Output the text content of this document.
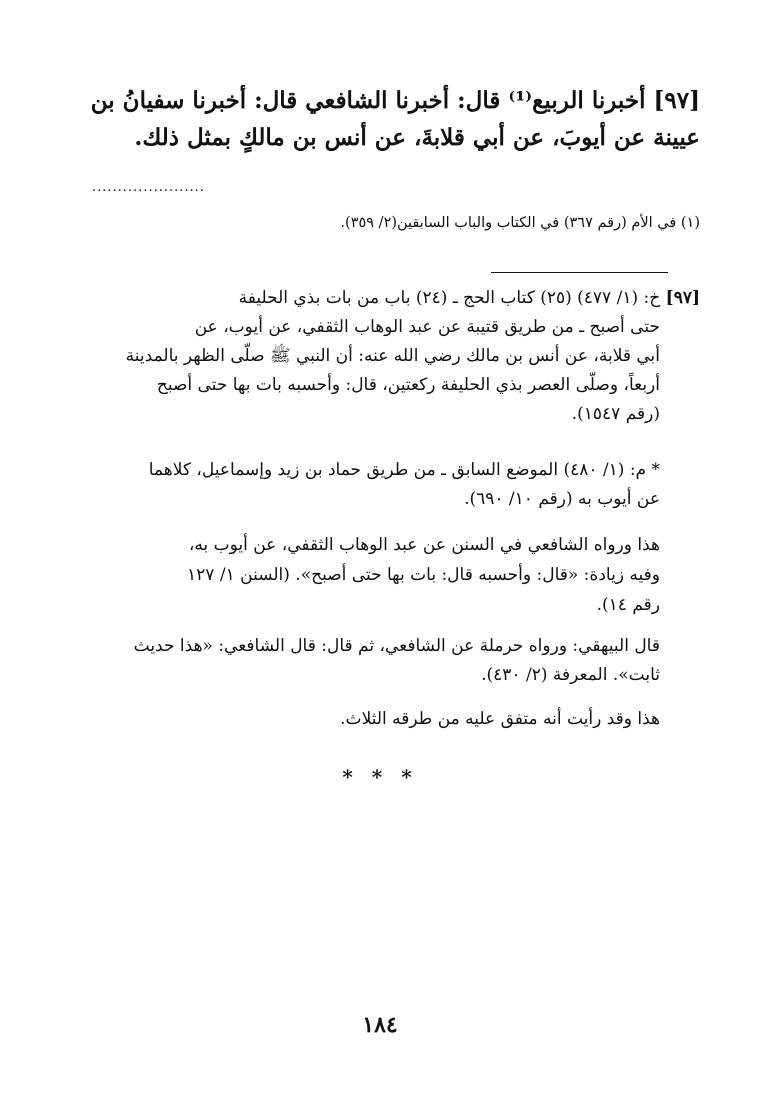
[٩٧] أخبرنا الربيع⁽¹⁾ قال: أخبرنا الشافعي قال: أخبرنا سفيانُ بن
عيينة عن أيوبَ، عن أبي قلابةَ، عن أنس بن مالكٍ بمثل ذلك.
......................
(١) في الأم (رقم ٣٦٧) في الكتاب والباب السابقين(٢/ ٣٥٩).
[٩٧] خ: (١/ ٤٧٧) (٢٥) كتاب الحج ـ (٢٤) باب من بات بذي الحليفة
حتى أصبح ـ من طريق قتيبة عن عبد الوهاب الثقفي، عن أيوب، عن
أبي قلابة، عن أنس بن مالك رضي الله عنه: أن النبي ﷺ صلّى الظهر بالمدينة
أربعاً، وصلّى العصر بذي الحليفة ركعتين، قال: وأحسبه بات بها حتى أصبح
(رقم ١٥٤٧).
* م: (١/ ٤٨٠) الموضع السابق ـ من طريق حماد بن زيد وإسماعيل، كلاهما
عن أيوب به (رقم ١٠/ ٦٩٠).
هذا ورواه الشافعي في السنن عن عبد الوهاب الثقفي، عن أيوب به،
وفيه زيادة: «قال: وأحسبه قال: بات بها حتى أصبح». (السنن ١/ ١٢٧
رقم ١٤).
قال البيهقي: ورواه حرملة عن الشافعي، ثم قال: قال الشافعي: «هذا حديث
ثابت». المعرفة (٢/ ٤٣٠).
هذا وقد رأيت أنه متفق عليه من طرقه الثلاث.
* * *
١٨٤
